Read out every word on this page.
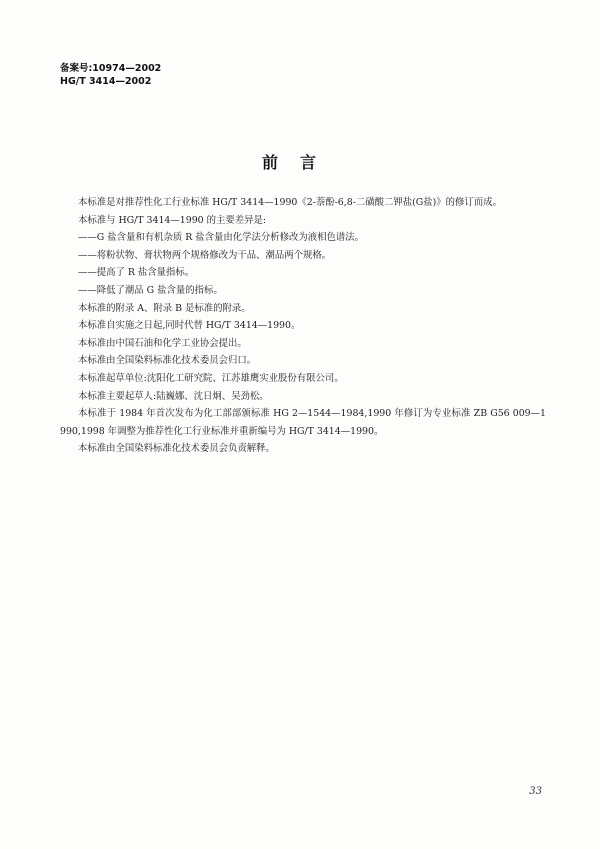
备案号:10974—2002
HG/T 3414—2002
前言

本标准是对推荐性化工行业标准 HG/T 3414—1990《2-萘酚-6,8-二磺酸二钾盐(G盐)》的修订而成。

本标准与 HG/T 3414—1990 的主要差异是:

——G 盐含量和有机杂质 R 盐含量由化学法分析修改为液相色谱法。

——将粉状物、膏状物两个规格修改为干品、潮品两个规格。

——提高了 R 盐含量指标。

——降低了潮品 G 盐含量的指标。

本标准的附录 A、附录 B 是标准的附录。

本标准自实施之日起,同时代替 HG/T 3414—1990。

本标准由中国石油和化学工业协会提出。

本标准由全国染料标准化技术委员会归口。

本标准起草单位:沈阳化工研究院、江苏雄鹰实业股份有限公司。

本标准主要起草人:陆巍娜、沈日炯、吴劲松。

本标准于 1984 年首次发布为化工部部颁标准 HG 2—1544—1984,1990 年修订为专业标准 ZB G56 009—1990,1998 年调整为推荐性化工行业标准并重新编号为 HG/T 3414—1990。

本标准由全国染料标准化技术委员会负责解释。

33
